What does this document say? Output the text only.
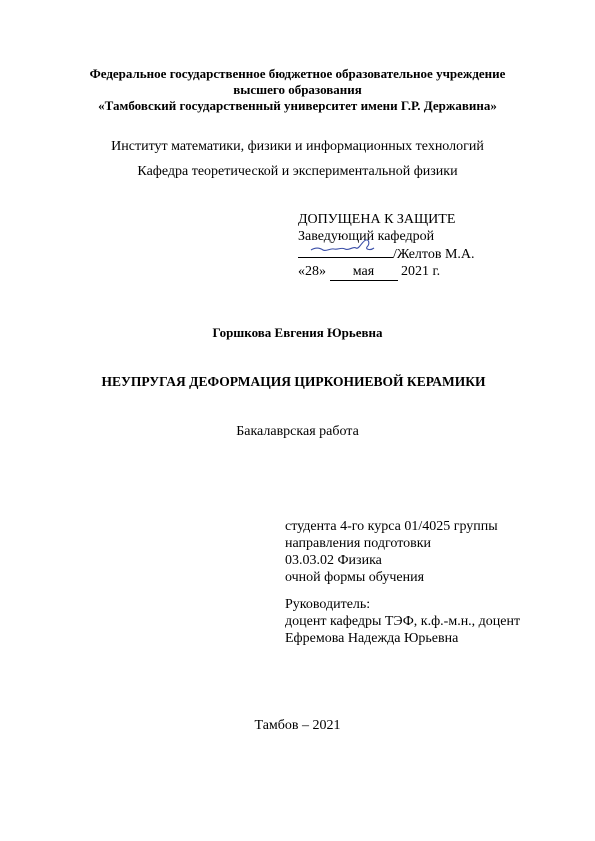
Федеральное государственное бюджетное образовательное учреждение
высшего образования
«Тамбовский государственный университет имени Г.Р. Державина»
Институт математики, физики и информационных технологий
Кафедра теоретической и экспериментальной физики
ДОПУЩЕНА К ЗАЩИТЕ
Заведующий кафедрой
/Желтов М.А.
«28» мая 2021 г.
Горшкова Евгения Юрьевна
НЕУПРУГАЯ ДЕФОРМАЦИЯ ЦИРКОНИЕВОЙ КЕРАМИКИ
Бакалаврская работа
студента 4-го курса 01/4025 группы
направления подготовки
03.03.02 Физика
очной формы обучения
Руководитель:
доцент кафедры ТЭФ, к.ф.-м.н., доцент
Ефремова Надежда Юрьевна
Тамбов – 2021
